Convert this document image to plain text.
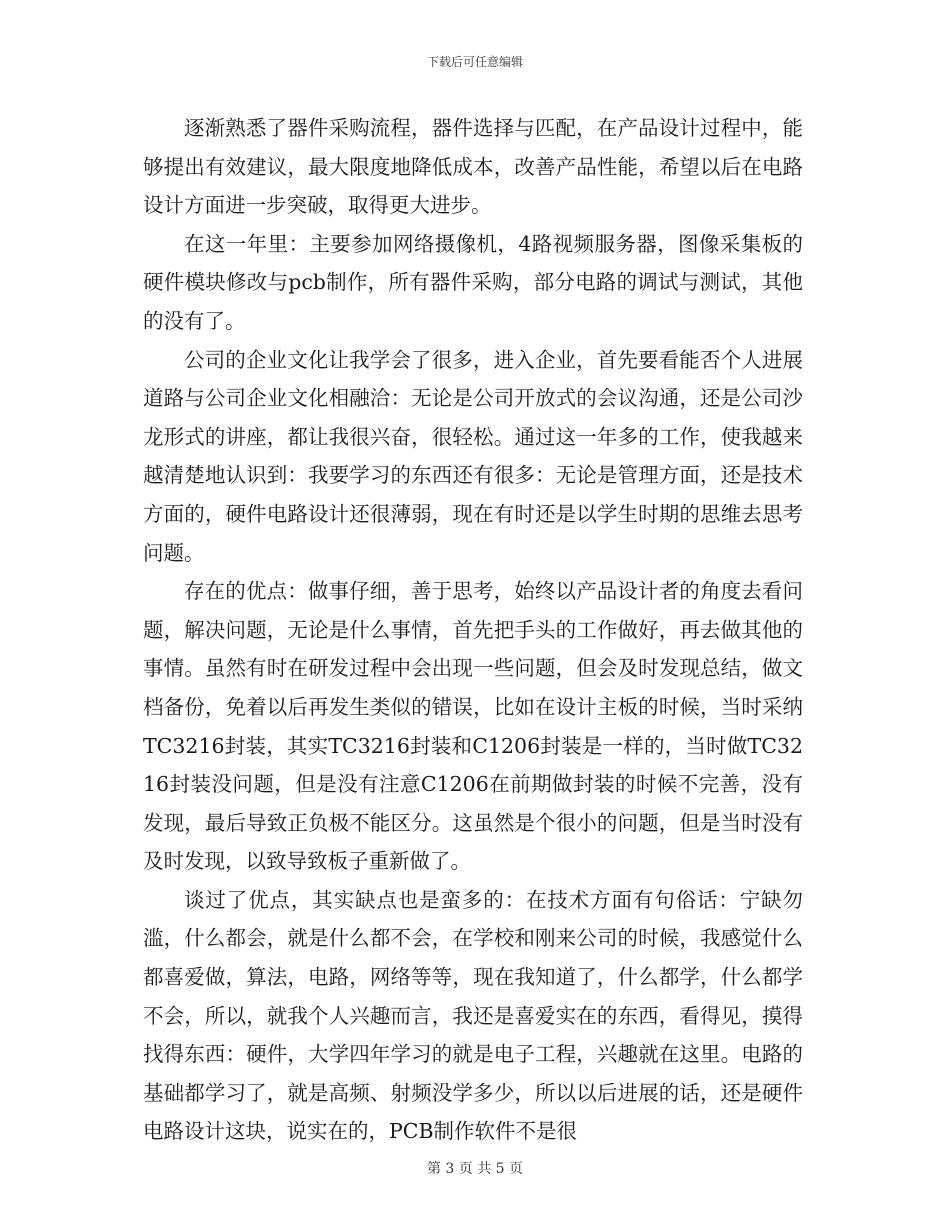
下载后可任意编辑

逐渐熟悉了器件采购流程，器件选择与匹配，在产品设计过程中，能够提出有效建议，最大限度地降低成本，改善产品性能，希望以后在电路设计方面进一步突破，取得更大进步。

在这一年里：主要参加网络摄像机，4路视频服务器，图像采集板的硬件模块修改与pcb制作，所有器件采购，部分电路的调试与测试，其他的没有了。

公司的企业文化让我学会了很多，进入企业，首先要看能否个人进展道路与公司企业文化相融洽：无论是公司开放式的会议沟通，还是公司沙龙形式的讲座，都让我很兴奋，很轻松。通过这一年多的工作，使我越来越清楚地认识到：我要学习的东西还有很多：无论是管理方面，还是技术方面的，硬件电路设计还很薄弱，现在有时还是以学生时期的思维去思考问题。

存在的优点：做事仔细，善于思考，始终以产品设计者的角度去看问题，解决问题，无论是什么事情，首先把手头的工作做好，再去做其他的事情。虽然有时在研发过程中会出现一些问题，但会及时发现总结，做文档备份，免着以后再发生类似的错误，比如在设计主板的时候，当时采纳TC3216封装，其实TC3216封装和C1206封装是一样的，当时做TC3216封装没问题，但是没有注意C1206在前期做封装的时候不完善，没有发现，最后导致正负极不能区分。这虽然是个很小的问题，但是当时没有及时发现，以致导致板子重新做了。

谈过了优点，其实缺点也是蛮多的：在技术方面有句俗话：宁缺勿滥，什么都会，就是什么都不会，在学校和刚来公司的时候，我感觉什么都喜爱做，算法，电路，网络等等，现在我知道了，什么都学，什么都学不会，所以，就我个人兴趣而言，我还是喜爱实在的东西，看得见，摸得找得东西：硬件，大学四年学习的就是电子工程，兴趣就在这里。电路的基础都学习了，就是高频、射频没学多少，所以以后进展的话，还是硬件电路设计这块，说实在的，PCB制作软件不是很

第 3 页 共 5 页
